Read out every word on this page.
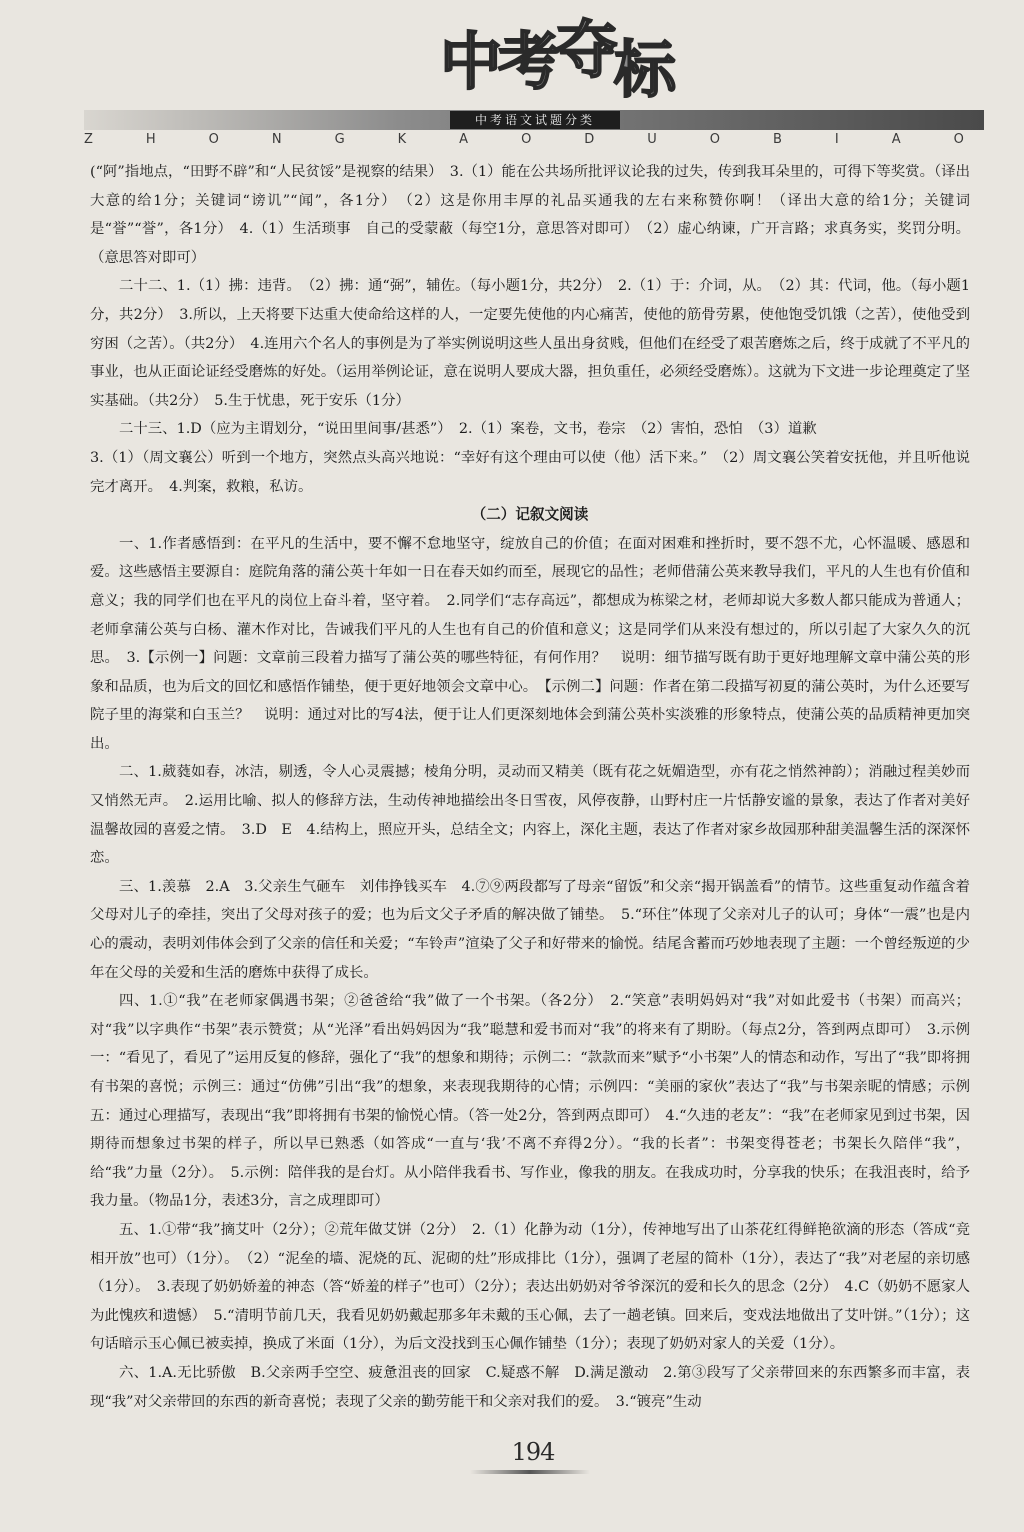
中考夺标
中考语文试题分类
Z	H	O	N	G	K	A	O	D	U	O	B	I	A	O

(“阿”指地点，“田野不辟”和“人民贫馁”是视察的结果）　3.（1）能在公共场所批评议论我的过失，传到我耳朵里的，可得下等奖赏。（译出大意的给1分；关键词“谤讥”“闻”，各1分）　（2）这是你用丰厚的礼品买通我的左右来称赞你啊！（译出大意的给1分；关键词是“誉”“誉”，各1分）　4.（1）生活琐事　自己的受蒙蔽（每空1分，意思答对即可）　（2）虚心纳谏，广开言路；求真务实，奖罚分明。（意思答对即可）

二十二、1.（1）拂：违背。　（2）拂：通“弼”，辅佐。（每小题1分，共2分）　2.（1）于：介词，从。　（2）其：代词，他。（每小题1分，共2分）　3.所以，上天将要下达重大使命给这样的人，一定要先使他的内心痛苦，使他的筋骨劳累，使他饱受饥饿（之苦），使他受到穷困（之苦）。（共2分）　4.连用六个名人的事例是为了举实例说明这些人虽出身贫贱，但他们在经受了艰苦磨炼之后，终于成就了不平凡的事业，也从正面论证经受磨炼的好处。（运用举例论证，意在说明人要成大器，担负重任，必须经受磨炼）。这就为下文进一步论理奠定了坚实基础。（共2分）　5.生于忧患，死于安乐（1分）

二十三、1.D（应为主谓划分，“说田里间事/甚悉”）　2.（1）案卷，文书，卷宗　（2）害怕，恐怕　（3）道歉

3.（1）（周文襄公）听到一个地方，突然点头高兴地说：“幸好有这个理由可以使（他）活下来。”　（2）周文襄公笑着安抚他，并且听他说完才离开。　4.判案，救粮，私访。

（二）记叙文阅读

一、1.作者感悟到：在平凡的生活中，要不懈不怠地坚守，绽放自己的价值；在面对困难和挫折时，要不怨不尤，心怀温暖、感恩和爱。这些感悟主要源自：庭院角落的蒲公英十年如一日在春天如约而至，展现它的品性；老师借蒲公英来教导我们，平凡的人生也有价值和意义；我的同学们也在平凡的岗位上奋斗着，坚守着。　2.同学们“志存高远”，都想成为栋梁之材，老师却说大多数人都只能成为普通人；老师拿蒲公英与白杨、灌木作对比，告诫我们平凡的人生也有自己的价值和意义；这是同学们从来没有想过的，所以引起了大家久久的沉思。　3.【示例一】问题：文章前三段着力描写了蒲公英的哪些特征，有何作用？　说明：细节描写既有助于更好地理解文章中蒲公英的形象和品质，也为后文的回忆和感悟作铺垫，便于更好地领会文章中心。　【示例二】问题：作者在第二段描写初夏的蒲公英时，为什么还要写院子里的海棠和白玉兰？　说明：通过对比的写4法，便于让人们更深刻地体会到蒲公英朴实淡雅的形象特点，使蒲公英的品质精神更加突出。

二、1.葳蕤如春，冰洁，剔透，令人心灵震撼；棱角分明，灵动而又精美（既有花之妩媚造型，亦有花之悄然神韵）；消融过程美妙而又悄然无声。　2.运用比喻、拟人的修辞方法，生动传神地描绘出冬日雪夜，风停夜静，山野村庄一片恬静安谧的景象，表达了作者对美好温馨故园的喜爱之情。　3.D　E　4.结构上，照应开头，总结全文；内容上，深化主题，表达了作者对家乡故园那种甜美温馨生活的深深怀恋。

三、1.羡慕　2.A　3.父亲生气砸车　刘伟挣钱买车　4.⑦⑨两段都写了母亲“留饭”和父亲“揭开锅盖看”的情节。这些重复动作蕴含着父母对儿子的牵挂，突出了父母对孩子的爱；也为后文父子矛盾的解决做了铺垫。　5.“环住”体现了父亲对儿子的认可；身体“一震”也是内心的震动，表明刘伟体会到了父亲的信任和关爱；“车铃声”渲染了父子和好带来的愉悦。结尾含蓄而巧妙地表现了主题：一个曾经叛逆的少年在父母的关爱和生活的磨炼中获得了成长。

四、1.①“我”在老师家偶遇书架；②爸爸给“我”做了一个书架。（各2分）　2.“笑意”表明妈妈对“我”对如此爱书（书架）而高兴；对“我”以字典作“书架”表示赞赏；从“光泽”看出妈妈因为“我”聪慧和爱书而对“我”的将来有了期盼。（每点2分，答到两点即可）　3.示例一：“看见了，看见了”运用反复的修辞，强化了“我”的想象和期待；示例二：“款款而来”赋予“小书架”人的情态和动作，写出了“我”即将拥有书架的喜悦；示例三：通过“仿佛”引出“我”的想象，来表现我期待的心情；示例四：“美丽的家伙”表达了“我”与书架亲昵的情感；示例五：通过心理描写，表现出“我”即将拥有书架的愉悦心情。（答一处2分，答到两点即可）　4.“久违的老友”：“我”在老师家见到过书架，因期待而想象过书架的样子，所以早已熟悉（如答成“一直与‘我’不离不弃得2分）。“我的长者”：书架变得苍老；书架长久陪伴“我”，给“我”力量（2分）。　5.示例：陪伴我的是台灯。从小陪伴我看书、写作业，像我的朋友。在我成功时，分享我的快乐；在我沮丧时，给予我力量。（物品1分，表述3分，言之成理即可）

五、1.①带“我”摘艾叶（2分）；②荒年做艾饼（2分）　2.（1）化静为动（1分），传神地写出了山茶花红得鲜艳欲滴的形态（答成“竞相开放”也可）（1分）。　（2）“泥垒的墙、泥烧的瓦、泥砌的灶”形成排比（1分），强调了老屋的简朴（1分），表达了“我”对老屋的亲切感（1分）。　3.表现了奶奶娇羞的神态（答“娇羞的样子”也可）（2分）；表达出奶奶对爷爷深沉的爱和长久的思念（2分）　4.C（奶奶不愿家人为此愧疚和遗憾）　5.“清明节前几天，我看见奶奶戴起那多年未戴的玉心佩，去了一趟老镇。回来后，变戏法地做出了艾叶饼。”（1分）；这句话暗示玉心佩已被卖掉，换成了米面（1分），为后文没找到玉心佩作铺垫（1分）；表现了奶奶对家人的关爱（1分）。

六、1.A.无比骄傲　B.父亲两手空空、疲惫沮丧的回家　C.疑惑不解　D.满足激动　2.第③段写了父亲带回来的东西繁多而丰富，表现“我”对父亲带回的东西的新奇喜悦；表现了父亲的勤劳能干和父亲对我们的爱。　3.“镀亮”生动

194
